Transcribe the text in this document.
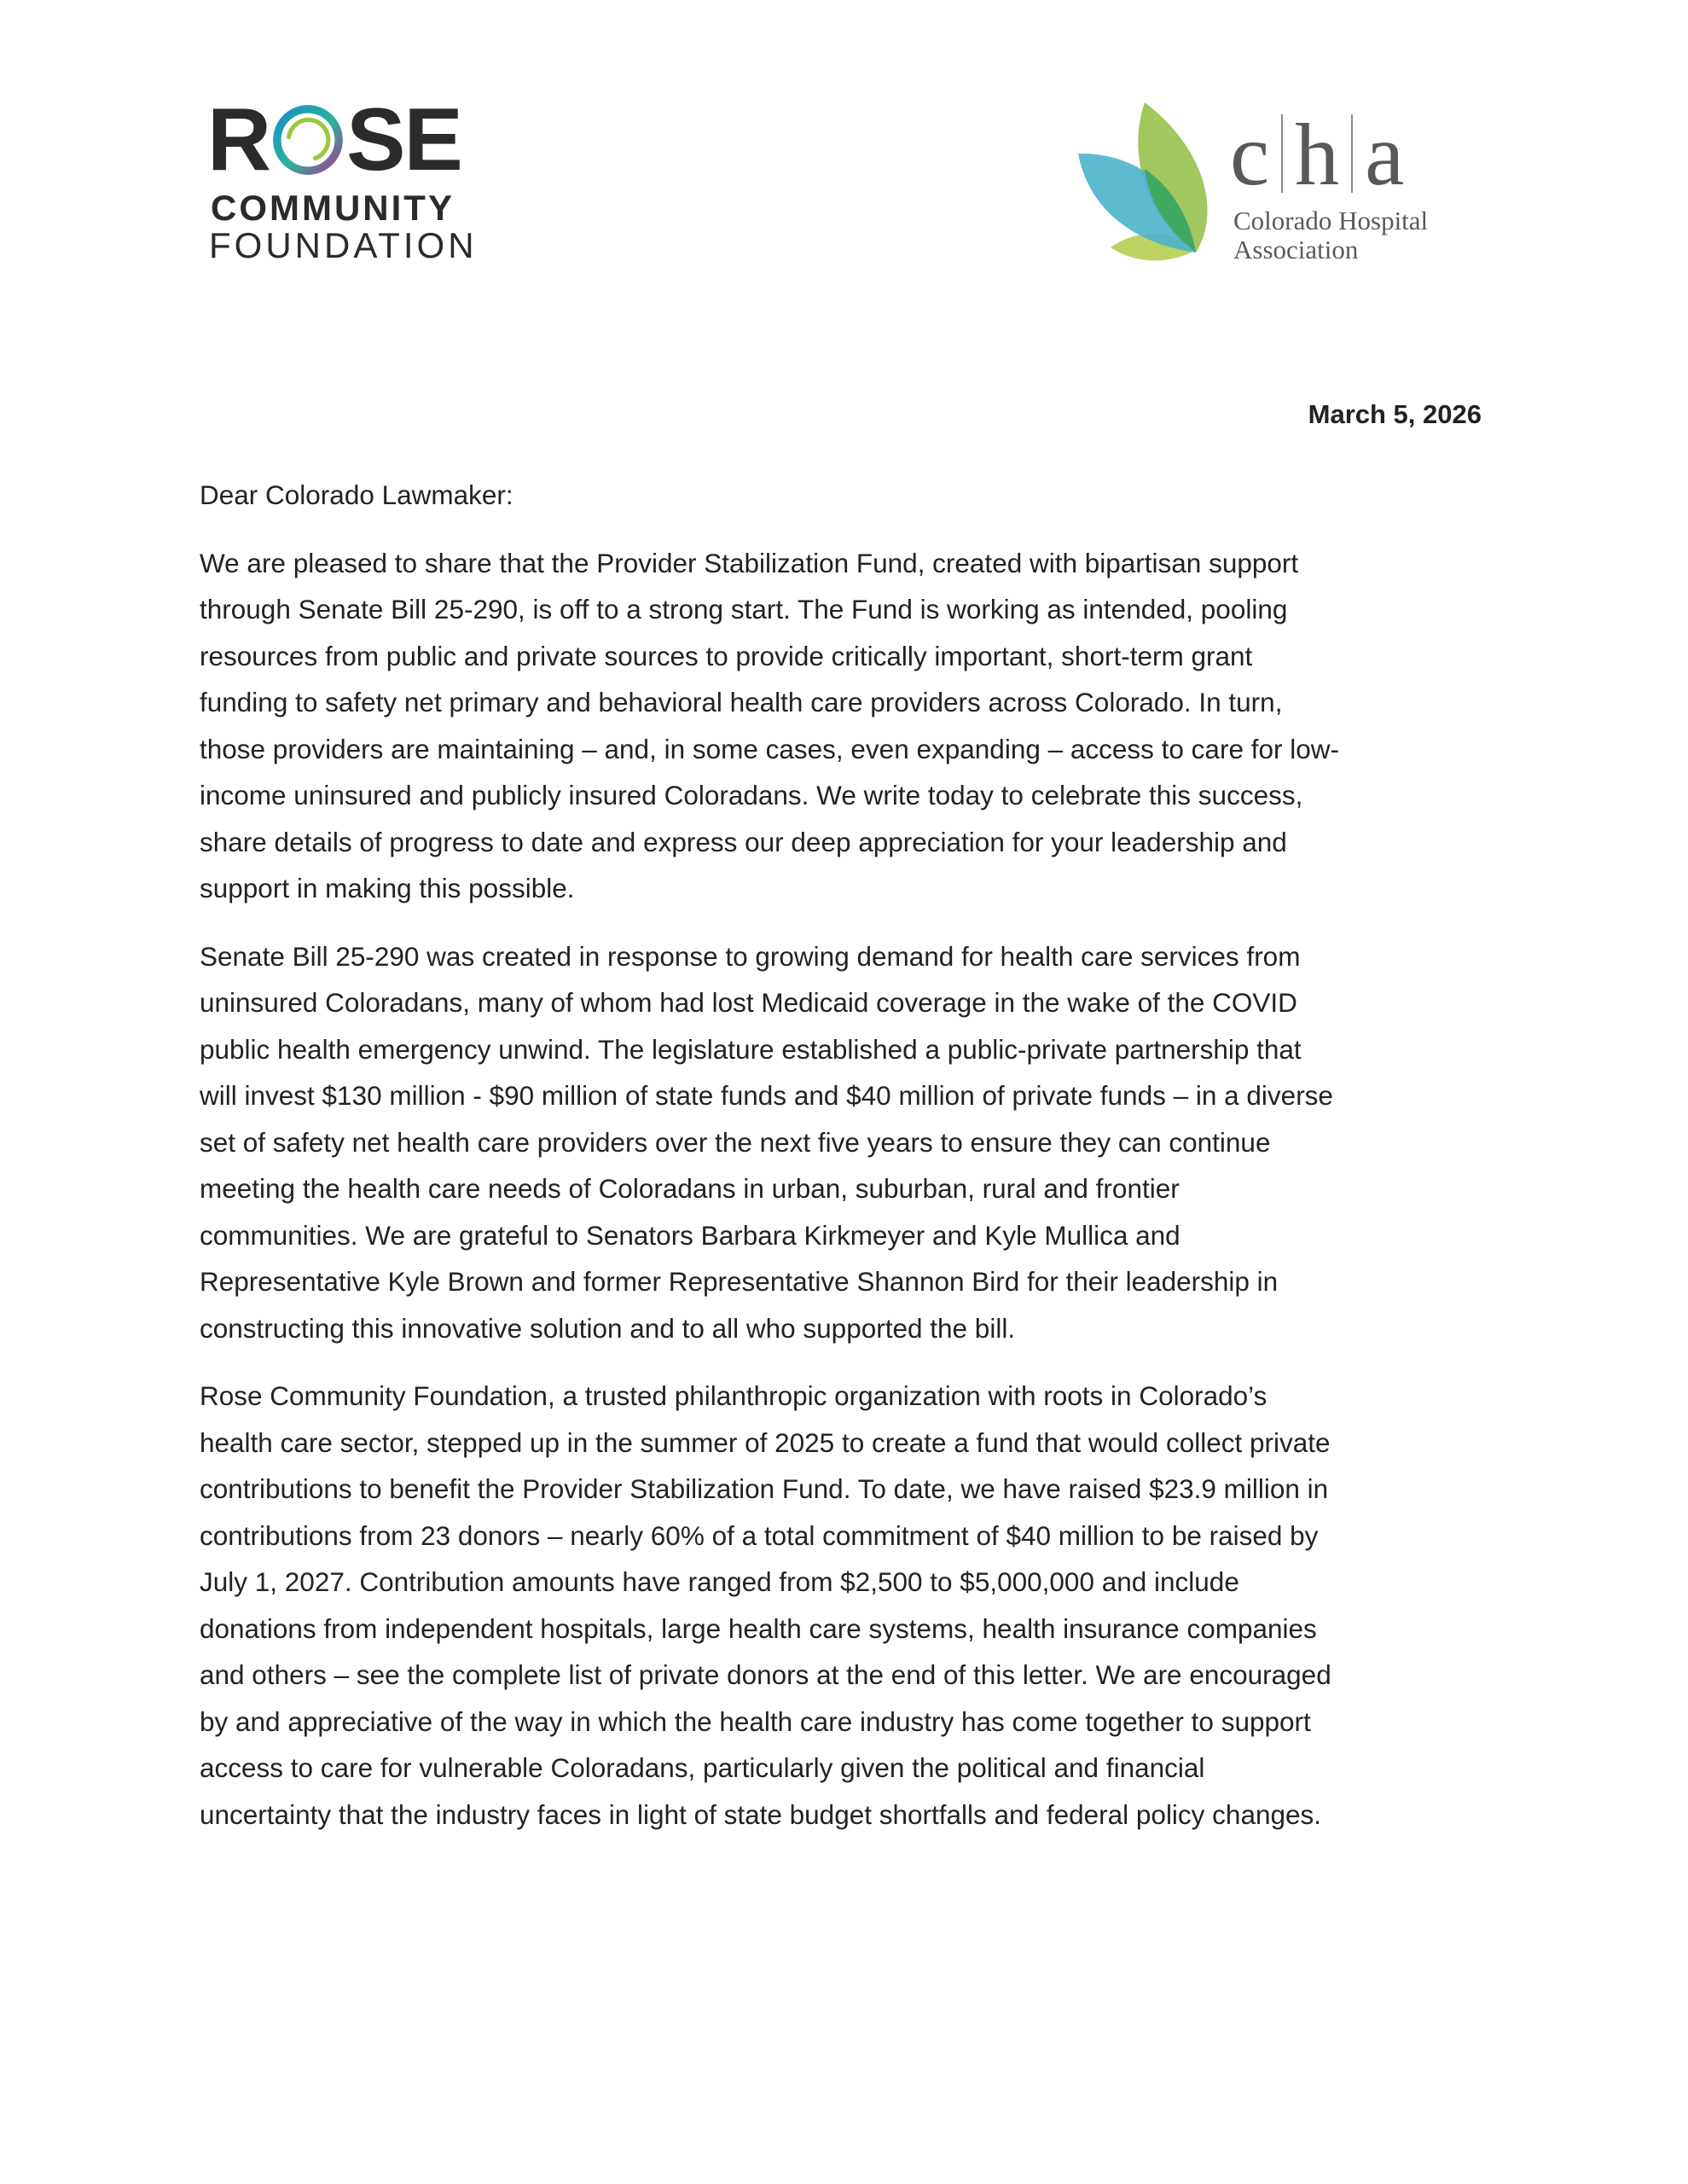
R S E
COMMUNITY
FOUNDATION
c h a
Colorado Hospital
Association
March 5, 2026
Dear Colorado Lawmaker:
We are pleased to share that the Provider Stabilization Fund, created with bipartisan support
through Senate Bill 25-290, is off to a strong start. The Fund is working as intended, pooling
resources from public and private sources to provide critically important, short-term grant
funding to safety net primary and behavioral health care providers across Colorado. In turn,
those providers are maintaining – and, in some cases, even expanding – access to care for low-
income uninsured and publicly insured Coloradans. We write today to celebrate this success,
share details of progress to date and express our deep appreciation for your leadership and
support in making this possible.
Senate Bill 25-290 was created in response to growing demand for health care services from
uninsured Coloradans, many of whom had lost Medicaid coverage in the wake of the COVID
public health emergency unwind. The legislature established a public-private partnership that
will invest $130 million - $90 million of state funds and $40 million of private funds – in a diverse
set of safety net health care providers over the next five years to ensure they can continue
meeting the health care needs of Coloradans in urban, suburban, rural and frontier
communities. We are grateful to Senators Barbara Kirkmeyer and Kyle Mullica and
Representative Kyle Brown and former Representative Shannon Bird for their leadership in
constructing this innovative solution and to all who supported the bill.
Rose Community Foundation, a trusted philanthropic organization with roots in Colorado’s
health care sector, stepped up in the summer of 2025 to create a fund that would collect private
contributions to benefit the Provider Stabilization Fund. To date, we have raised $23.9 million in
contributions from 23 donors – nearly 60% of a total commitment of $40 million to be raised by
July 1, 2027. Contribution amounts have ranged from $2,500 to $5,000,000 and include
donations from independent hospitals, large health care systems, health insurance companies
and others – see the complete list of private donors at the end of this letter. We are encouraged
by and appreciative of the way in which the health care industry has come together to support
access to care for vulnerable Coloradans, particularly given the political and financial
uncertainty that the industry faces in light of state budget shortfalls and federal policy changes.
